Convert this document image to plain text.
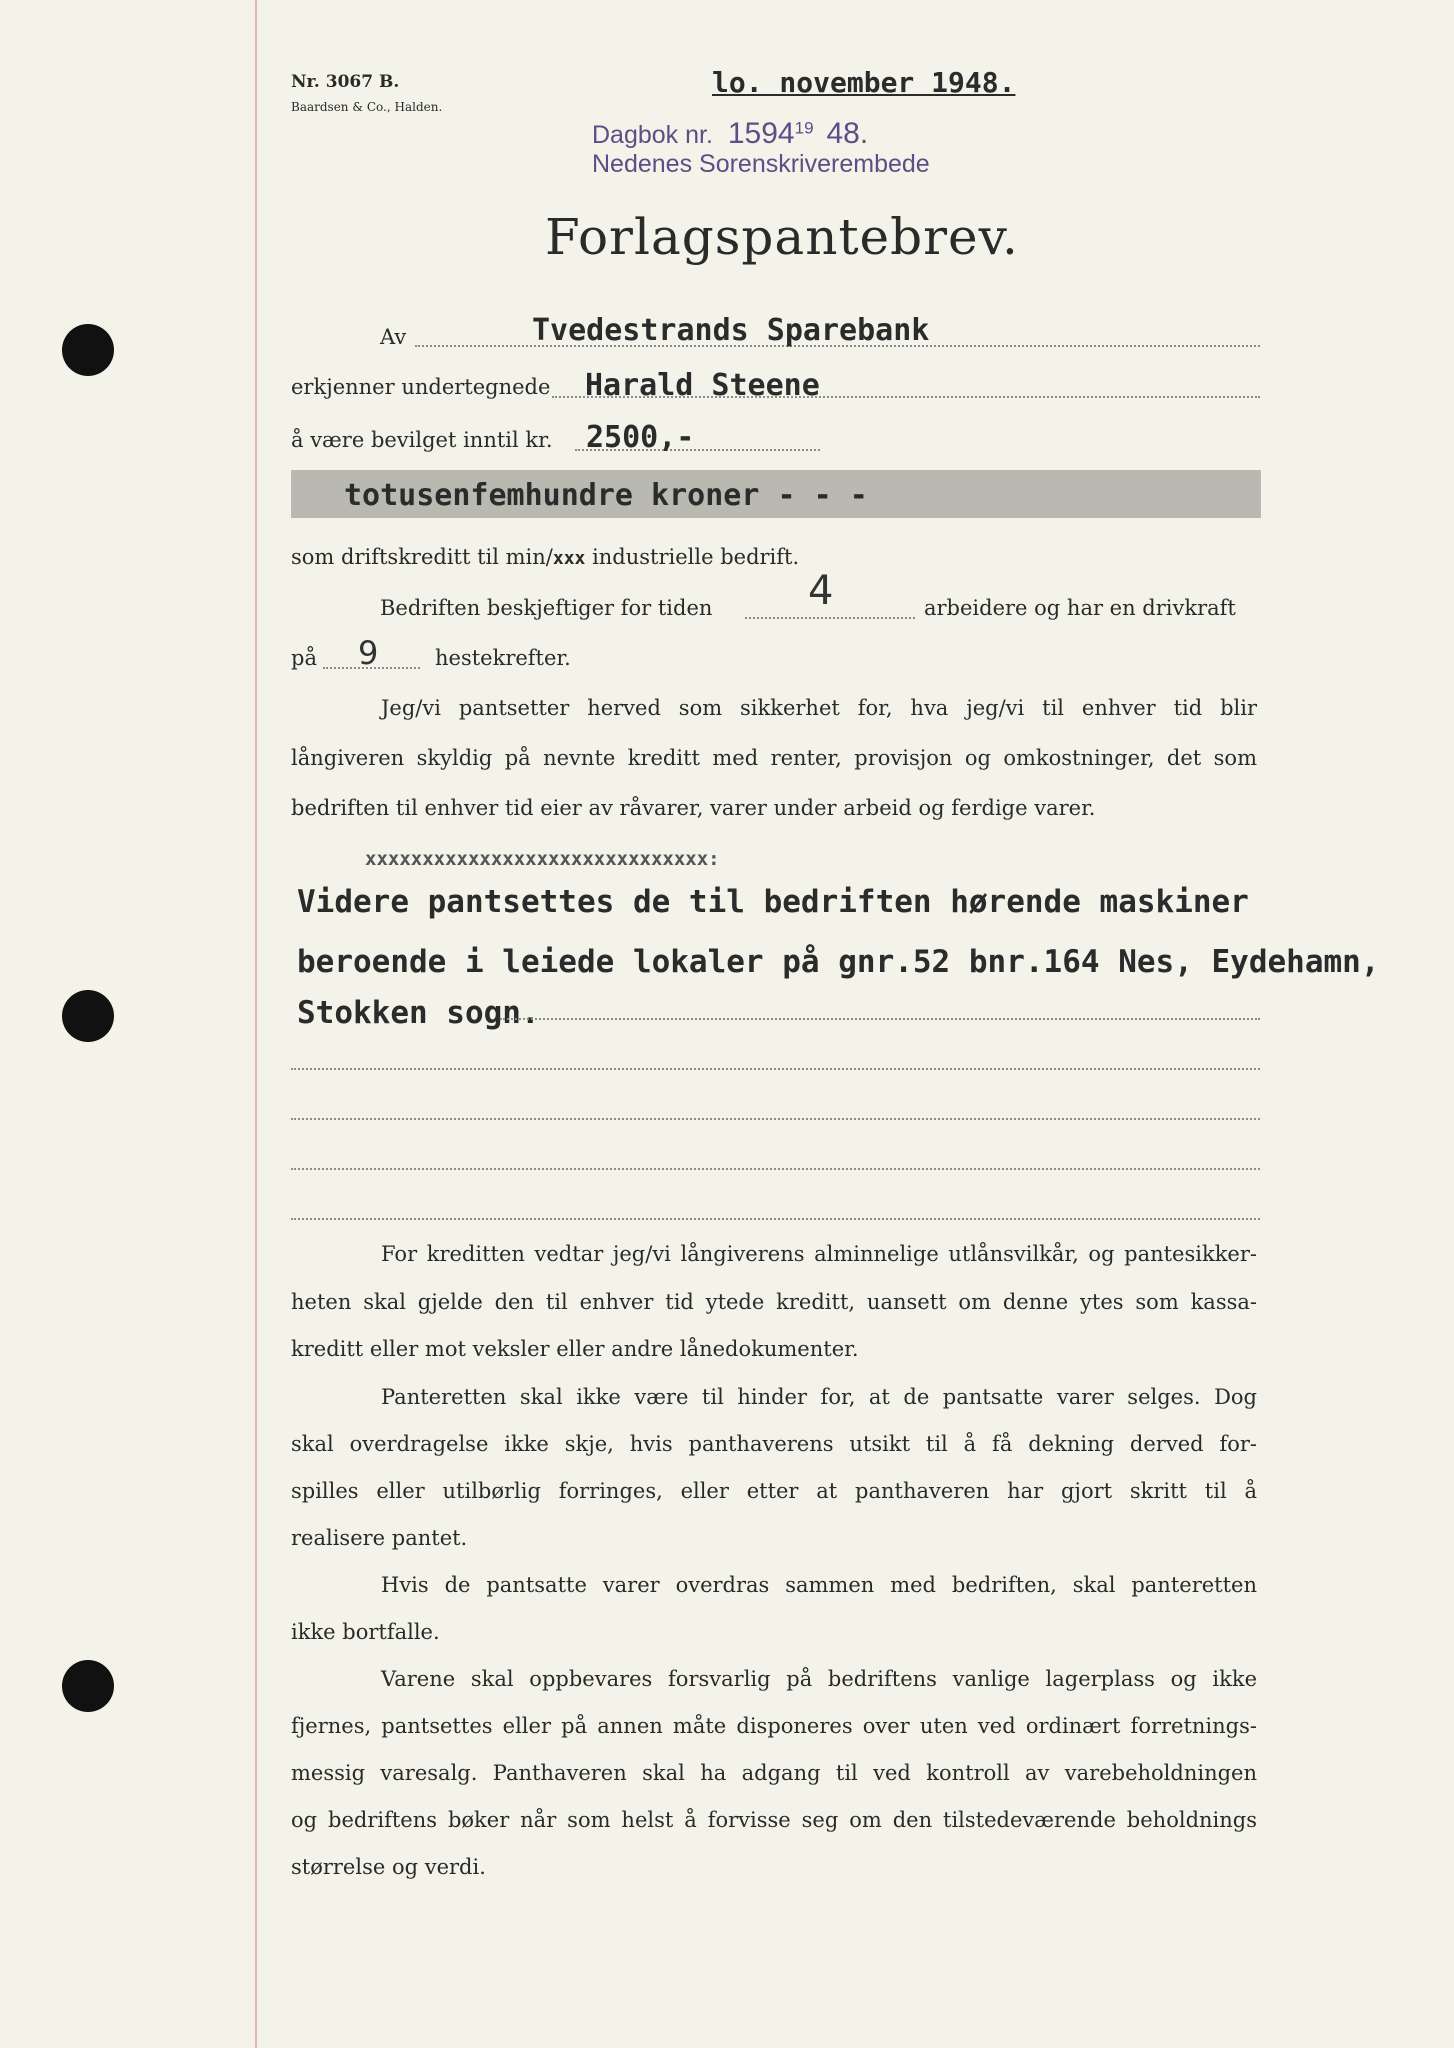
Nr. 3067 B.
Baardsen & Co., Halden.
lo. november 1948.
Dagbok nr. 1594$^{19}$ 48.
Nedenes Sorenskriverembede
Forlagspantebrev.
Av	Tvedestrands Sparebank
erkjenner undertegnede Harald Steene
å være bevilget inntil kr. 2500,-
totusenfemhundre kroner - - -
som driftskreditt til min/xxx industrielle bedrift.
Bedriften beskjeftiger for tiden 4	arbeidere og har en drivkraft
på 9	hestekrefter.
Jeg/vi pantsetter herved som sikkerhet for, hva jeg/vi til enhver tid blir
långiveren skyldig på nevnte kreditt med renter, provisjon og omkostninger, det som
bedriften til enhver tid eier av råvarer, varer under arbeid og ferdige varer.
xxxxxxxxxxxxxxxxxxxxxxxxxxxxxx:
Videre pantsettes de til bedriften hørende maskiner
beroende i leiede lokaler på gnr.52 bnr.164 Nes, Eydehamn,
Stokken sogn.
For kreditten vedtar jeg/vi långiverens alminnelige utlånsvilkår, og pantesikker-
heten skal gjelde den til enhver tid ytede kreditt, uansett om denne ytes som kassa-
kreditt eller mot veksler eller andre lånedokumenter.
Panteretten skal ikke være til hinder for, at de pantsatte varer selges. Dog
skal overdragelse ikke skje, hvis panthaverens utsikt til å få dekning derved for-
spilles eller utilbørlig forringes, eller etter at panthaveren har gjort skritt til å
realisere pantet.
Hvis de pantsatte varer overdras sammen med bedriften, skal panteretten
ikke bortfalle.
Varene skal oppbevares forsvarlig på bedriftens vanlige lagerplass og ikke
fjernes, pantsettes eller på annen måte disponeres over uten ved ordinært forretnings-
messig varesalg. Panthaveren skal ha adgang til ved kontroll av varebeholdningen
og bedriftens bøker når som helst å forvisse seg om den tilstedeværende beholdnings
størrelse og verdi.
